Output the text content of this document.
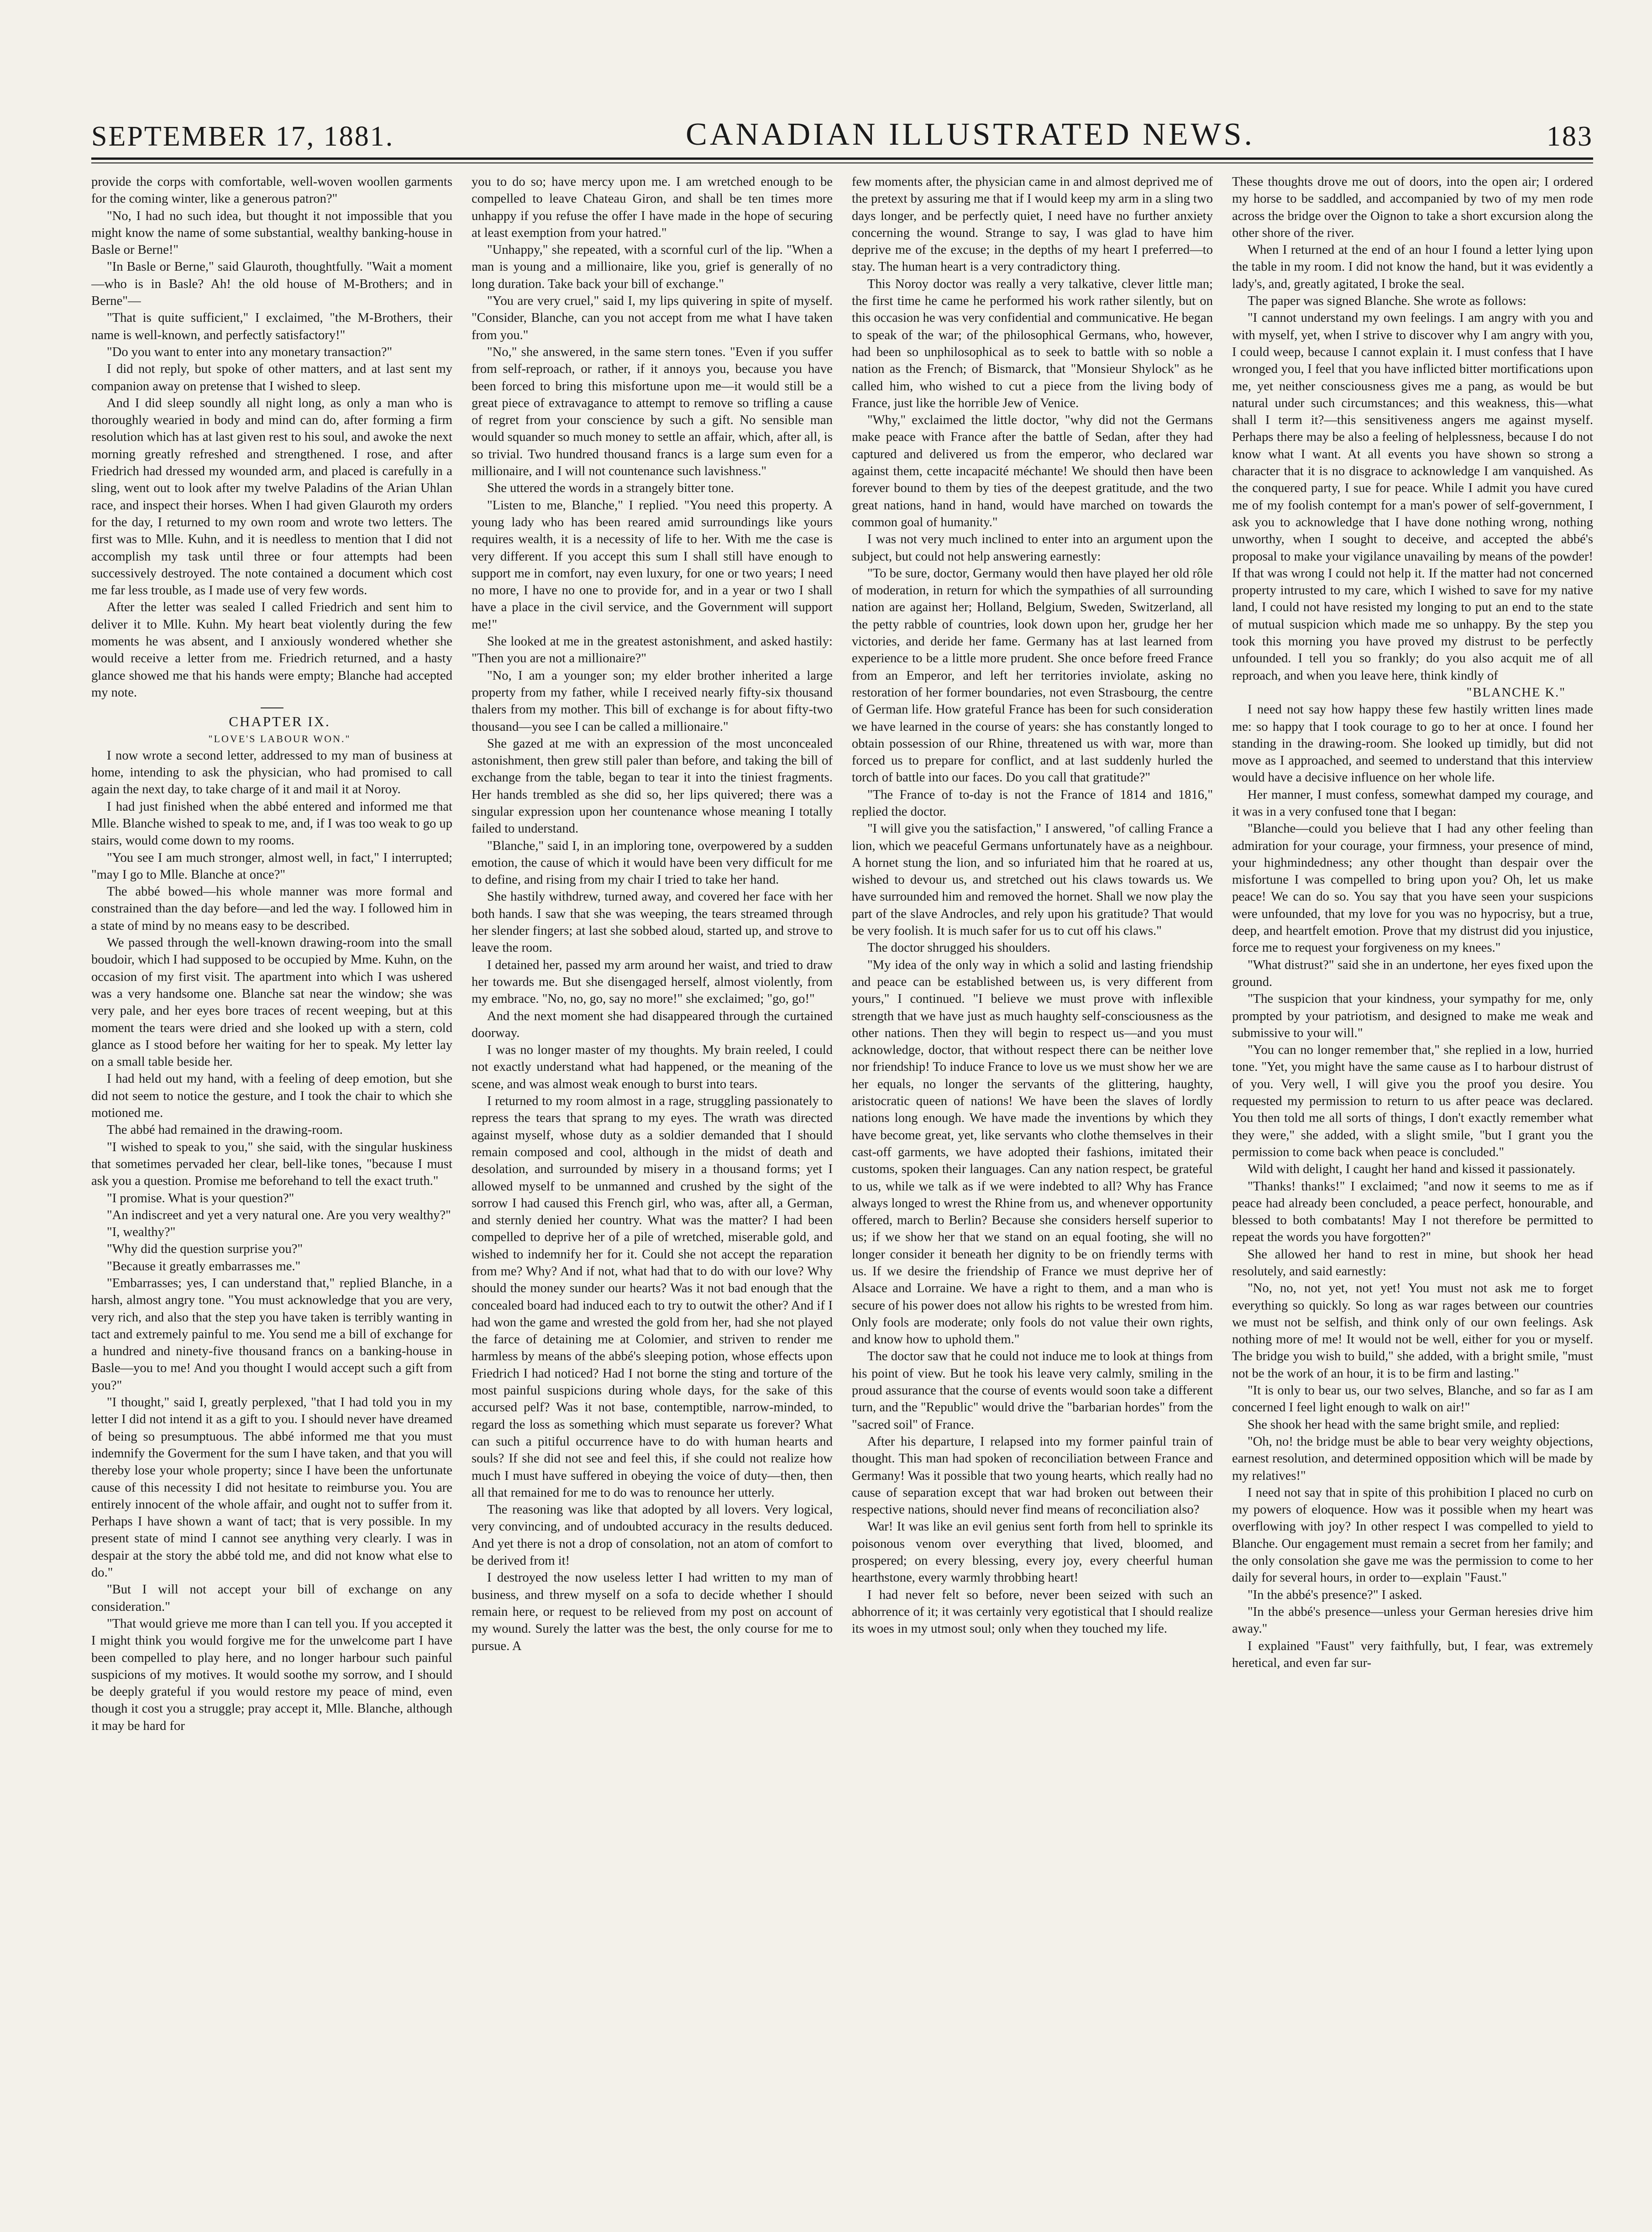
SEPTEMBER 17, 1881.	CANADIAN ILLUSTRATED NEWS.	183

provide the corps with comfortable, well-woven woollen garments for the coming winter, like a generous patron?"

"No, I had no such idea, but thought it not impossible that you might know the name of some substantial, wealthy banking-house in Basle or Berne!"

"In Basle or Berne," said Glauroth, thoughtfully. "Wait a moment—who is in Basle? Ah! the old house of M-Brothers; and in Berne"—

"That is quite sufficient," I exclaimed, "the M-Brothers, their name is well-known, and perfectly satisfactory!"

"Do you want to enter into any monetary transaction?"

I did not reply, but spoke of other matters, and at last sent my companion away on pretense that I wished to sleep.

And I did sleep soundly all night long, as only a man who is thoroughly wearied in body and mind can do, after forming a firm resolution which has at last given rest to his soul, and awoke the next morning greatly refreshed and strengthened. I rose, and after Friedrich had dressed my wounded arm, and placed is carefully in a sling, went out to look after my twelve Paladins of the Arian Uhlan race, and inspect their horses. When I had given Glauroth my orders for the day, I returned to my own room and wrote two letters. The first was to Mlle. Kuhn, and it is needless to mention that I did not accomplish my task until three or four attempts had been successively destroyed. The note contained a document which cost me far less trouble, as I made use of very few words.

After the letter was sealed I called Friedrich and sent him to deliver it to Mlle. Kuhn. My heart beat violently during the few moments he was absent, and I anxiously wondered whether she would receive a letter from me. Friedrich returned, and a hasty glance showed me that his hands were empty; Blanche had accepted my note.

CHAPTER IX.

"LOVE'S LABOUR WON."

I now wrote a second letter, addressed to my man of business at home, intending to ask the physician, who had promised to call again the next day, to take charge of it and mail it at Noroy.

I had just finished when the abbé entered and informed me that Mlle. Blanche wished to speak to me, and, if I was too weak to go up stairs, would come down to my rooms.

"You see I am much stronger, almost well, in fact," I interrupted; "may I go to Mlle. Blanche at once?"

The abbé bowed—his whole manner was more formal and constrained than the day before—and led the way. I followed him in a state of mind by no means easy to be described.

We passed through the well-known drawing-room into the small boudoir, which I had supposed to be occupied by Mme. Kuhn, on the occasion of my first visit. The apartment into which I was ushered was a very handsome one. Blanche sat near the window; she was very pale, and her eyes bore traces of recent weeping, but at this moment the tears were dried and she looked up with a stern, cold glance as I stood before her waiting for her to speak. My letter lay on a small table beside her.

I had held out my hand, with a feeling of deep emotion, but she did not seem to notice the gesture, and I took the chair to which she motioned me.

The abbé had remained in the drawing-room.

"I wished to speak to you," she said, with the singular huskiness that sometimes pervaded her clear, bell-like tones, "because I must ask you a question. Promise me beforehand to tell the exact truth."

"I promise. What is your question?"

"An indiscreet and yet a very natural one. Are you very wealthy?"

"I, wealthy?"

"Why did the question surprise you?"

"Because it greatly embarrasses me."

"Embarrasses; yes, I can understand that," replied Blanche, in a harsh, almost angry tone. "You must acknowledge that you are very, very rich, and also that the step you have taken is terribly wanting in tact and extremely painful to me. You send me a bill of exchange for a hundred and ninety-five thousand francs on a banking-house in Basle—you to me! And you thought I would accept such a gift from you?"

"I thought," said I, greatly perplexed, "that I had told you in my letter I did not intend it as a gift to you. I should never have dreamed of being so presumptuous. The abbé informed me that you must indemnify the Goverment for the sum I have taken, and that you will thereby lose your whole property; since I have been the unfortunate cause of this necessity I did not hesitate to reimburse you. You are entirely innocent of the whole affair, and ought not to suffer from it. Perhaps I have shown a want of tact; that is very possible. In my present state of mind I cannot see anything very clearly. I was in despair at the story the abbé told me, and did not know what else to do."

"But I will not accept your bill of exchange on any consideration."

"That would grieve me more than I can tell you. If you accepted it I might think you would forgive me for the unwelcome part I have been compelled to play here, and no longer harbour such painful suspicions of my motives. It would soothe my sorrow, and I should be deeply grateful if you would restore my peace of mind, even though it cost you a struggle; pray accept it, Mlle. Blanche, although it may be hard for

you to do so; have mercy upon me. I am wretched enough to be compelled to leave Chateau Giron, and shall be ten times more unhappy if you refuse the offer I have made in the hope of securing at least exemption from your hatred."

"Unhappy," she repeated, with a scornful curl of the lip. "When a man is young and a millionaire, like you, grief is generally of no long duration. Take back your bill of exchange."

"You are very cruel," said I, my lips quivering in spite of myself. "Consider, Blanche, can you not accept from me what I have taken from you."

"No," she answered, in the same stern tones. "Even if you suffer from self-reproach, or rather, if it annoys you, because you have been forced to bring this misfortune upon me—it would still be a great piece of extravagance to attempt to remove so trifling a cause of regret from your conscience by such a gift. No sensible man would squander so much money to settle an affair, which, after all, is so trivial. Two hundred thousand francs is a large sum even for a millionaire, and I will not countenance such lavishness."

She uttered the words in a strangely bitter tone.

"Listen to me, Blanche," I replied. "You need this property. A young lady who has been reared amid surroundings like yours requires wealth, it is a necessity of life to her. With me the case is very different. If you accept this sum I shall still have enough to support me in comfort, nay even luxury, for one or two years; I need no more, I have no one to provide for, and in a year or two I shall have a place in the civil service, and the Government will support me!"

She looked at me in the greatest astonishment, and asked hastily: "Then you are not a millionaire?"

"No, I am a younger son; my elder brother inherited a large property from my father, while I received nearly fifty-six thousand thalers from my mother. This bill of exchange is for about fifty-two thousand—you see I can be called a millionaire."

She gazed at me with an expression of the most unconcealed astonishment, then grew still paler than before, and taking the bill of exchange from the table, began to tear it into the tiniest fragments. Her hands trembled as she did so, her lips quivered; there was a singular expression upon her countenance whose meaning I totally failed to understand.

"Blanche," said I, in an imploring tone, overpowered by a sudden emotion, the cause of which it would have been very difficult for me to define, and rising from my chair I tried to take her hand.

She hastily withdrew, turned away, and covered her face with her both hands. I saw that she was weeping, the tears streamed through her slender fingers; at last she sobbed aloud, started up, and strove to leave the room.

I detained her, passed my arm around her waist, and tried to draw her towards me. But she disengaged herself, almost violently, from my embrace. "No, no, go, say no more!" she exclaimed; "go, go!"

And the next moment she had disappeared through the curtained doorway.

I was no longer master of my thoughts. My brain reeled, I could not exactly understand what had happened, or the meaning of the scene, and was almost weak enough to burst into tears.

I returned to my room almost in a rage, struggling passionately to repress the tears that sprang to my eyes. The wrath was directed against myself, whose duty as a soldier demanded that I should remain composed and cool, although in the midst of death and desolation, and surrounded by misery in a thousand forms; yet I allowed myself to be unmanned and crushed by the sight of the sorrow I had caused this French girl, who was, after all, a German, and sternly denied her country. What was the matter? I had been compelled to deprive her of a pile of wretched, miserable gold, and wished to indemnify her for it. Could she not accept the reparation from me? Why? And if not, what had that to do with our love? Why should the money sunder our hearts? Was it not bad enough that the concealed board had induced each to try to outwit the other? And if I had won the game and wrested the gold from her, had she not played the farce of detaining me at Colomier, and striven to render me harmless by means of the abbé's sleeping potion, whose effects upon Friedrich I had noticed? Had I not borne the sting and torture of the most painful suspicions during whole days, for the sake of this accursed pelf? Was it not base, contemptible, narrow-minded, to regard the loss as something which must separate us forever? What can such a pitiful occurrence have to do with human hearts and souls? If she did not see and feel this, if she could not realize how much I must have suffered in obeying the voice of duty—then, then all that remained for me to do was to renounce her utterly.

The reasoning was like that adopted by all lovers. Very logical, very convincing, and of undoubted accuracy in the results deduced. And yet there is not a drop of consolation, not an atom of comfort to be derived from it!

I destroyed the now useless letter I had written to my man of business, and threw myself on a sofa to decide whether I should remain here, or request to be relieved from my post on account of my wound. Surely the latter was the best, the only course for me to pursue. A

few moments after, the physician came in and almost deprived me of the pretext by assuring me that if I would keep my arm in a sling two days longer, and be perfectly quiet, I need have no further anxiety concerning the wound. Strange to say, I was glad to have him deprive me of the excuse; in the depths of my heart I preferred—to stay. The human heart is a very contradictory thing.

This Noroy doctor was really a very talkative, clever little man; the first time he came he performed his work rather silently, but on this occasion he was very confidential and communicative. He began to speak of the war; of the philosophical Germans, who, however, had been so unphilosophical as to seek to battle with so noble a nation as the French; of Bismarck, that "Monsieur Shylock" as he called him, who wished to cut a piece from the living body of France, just like the horrible Jew of Venice.

"Why," exclaimed the little doctor, "why did not the Germans make peace with France after the battle of Sedan, after they had captured and delivered us from the emperor, who declared war against them, cette incapacité méchante! We should then have been forever bound to them by ties of the deepest gratitude, and the two great nations, hand in hand, would have marched on towards the common goal of humanity."

I was not very much inclined to enter into an argument upon the subject, but could not help answering earnestly:

"To be sure, doctor, Germany would then have played her old rôle of moderation, in return for which the sympathies of all surrounding nation are against her; Holland, Belgium, Sweden, Switzerland, all the petty rabble of countries, look down upon her, grudge her her victories, and deride her fame. Germany has at last learned from experience to be a little more prudent. She once before freed France from an Emperor, and left her territories inviolate, asking no restoration of her former boundaries, not even Strasbourg, the centre of German life. How grateful France has been for such consideration we have learned in the course of years: she has constantly longed to obtain possession of our Rhine, threatened us with war, more than forced us to prepare for conflict, and at last suddenly hurled the torch of battle into our faces. Do you call that gratitude?"

"The France of to-day is not the France of 1814 and 1816," replied the doctor.

"I will give you the satisfaction," I answered, "of calling France a lion, which we peaceful Germans unfortunately have as a neighbour. A hornet stung the lion, and so infuriated him that he roared at us, wished to devour us, and stretched out his claws towards us. We have surrounded him and removed the hornet. Shall we now play the part of the slave Androcles, and rely upon his gratitude? That would be very foolish. It is much safer for us to cut off his claws."

The doctor shrugged his shoulders.

"My idea of the only way in which a solid and lasting friendship and peace can be established between us, is very different from yours," I continued. "I believe we must prove with inflexible strength that we have just as much haughty self-consciousness as the other nations. Then they will begin to respect us—and you must acknowledge, doctor, that without respect there can be neither love nor friendship! To induce France to love us we must show her we are her equals, no longer the servants of the glittering, haughty, aristocratic queen of nations! We have been the slaves of lordly nations long enough. We have made the inventions by which they have become great, yet, like servants who clothe themselves in their cast-off garments, we have adopted their fashions, imitated their customs, spoken their languages. Can any nation respect, be grateful to us, while we talk as if we were indebted to all? Why has France always longed to wrest the Rhine from us, and whenever opportunity offered, march to Berlin? Because she considers herself superior to us; if we show her that we stand on an equal footing, she will no longer consider it beneath her dignity to be on friendly terms with us. If we desire the friendship of France we must deprive her of Alsace and Lorraine. We have a right to them, and a man who is secure of his power does not allow his rights to be wrested from him. Only fools are moderate; only fools do not value their own rights, and know how to uphold them."

The doctor saw that he could not induce me to look at things from his point of view. But he took his leave very calmly, smiling in the proud assurance that the course of events would soon take a different turn, and the "Republic" would drive the "barbarian hordes" from the "sacred soil" of France.

After his departure, I relapsed into my former painful train of thought. This man had spoken of reconciliation between France and Germany! Was it possible that two young hearts, which really had no cause of separation except that war had broken out between their respective nations, should never find means of reconciliation also?

War! It was like an evil genius sent forth from hell to sprinkle its poisonous venom over everything that lived, bloomed, and prospered; on every blessing, every joy, every cheerful human hearthstone, every warmly throbbing heart!

I had never felt so before, never been seized with such an abhorrence of it; it was certainly very egotistical that I should realize its woes in my utmost soul; only when they touched my life.

These thoughts drove me out of doors, into the open air; I ordered my horse to be saddled, and accompanied by two of my men rode across the bridge over the Oignon to take a short excursion along the other shore of the river.

When I returned at the end of an hour I found a letter lying upon the table in my room. I did not know the hand, but it was evidently a lady's, and, greatly agitated, I broke the seal.

The paper was signed Blanche. She wrote as follows:

"I cannot understand my own feelings. I am angry with you and with myself, yet, when I strive to discover why I am angry with you, I could weep, because I cannot explain it. I must confess that I have wronged you, I feel that you have inflicted bitter mortifications upon me, yet neither consciousness gives me a pang, as would be but natural under such circumstances; and this weakness, this—what shall I term it?—this sensitiveness angers me against myself. Perhaps there may be also a feeling of helplessness, because I do not know what I want. At all events you have shown so strong a character that it is no disgrace to acknowledge I am vanquished. As the conquered party, I sue for peace. While I admit you have cured me of my foolish contempt for a man's power of self-government, I ask you to acknowledge that I have done nothing wrong, nothing unworthy, when I sought to deceive, and accepted the abbé's proposal to make your vigilance unavailing by means of the powder! If that was wrong I could not help it. If the matter had not concerned property intrusted to my care, which I wished to save for my native land, I could not have resisted my longing to put an end to the state of mutual suspicion which made me so unhappy. By the step you took this morning you have proved my distrust to be perfectly unfounded. I tell you so frankly; do you also acquit me of all reproach, and when you leave here, think kindly of

"BLANCHE K."

I need not say how happy these few hastily written lines made me: so happy that I took courage to go to her at once. I found her standing in the drawing-room. She looked up timidly, but did not move as I approached, and seemed to understand that this interview would have a decisive influence on her whole life.

Her manner, I must confess, somewhat damped my courage, and it was in a very confused tone that I began:

"Blanche—could you believe that I had any other feeling than admiration for your courage, your firmness, your presence of mind, your highmindedness; any other thought than despair over the misfortune I was compelled to bring upon you? Oh, let us make peace! We can do so. You say that you have seen your suspicions were unfounded, that my love for you was no hypocrisy, but a true, deep, and heartfelt emotion. Prove that my distrust did you injustice, force me to request your forgiveness on my knees."

"What distrust?" said she in an undertone, her eyes fixed upon the ground.

"The suspicion that your kindness, your sympathy for me, only prompted by your patriotism, and designed to make me weak and submissive to your will."

"You can no longer remember that," she replied in a low, hurried tone. "Yet, you might have the same cause as I to harbour distrust of of you. Very well, I will give you the proof you desire. You requested my permission to return to us after peace was declared. You then told me all sorts of things, I don't exactly remember what they were," she added, with a slight smile, "but I grant you the permission to come back when peace is concluded."

Wild with delight, I caught her hand and kissed it passionately.

"Thanks! thanks!" I exclaimed; "and now it seems to me as if peace had already been concluded, a peace perfect, honourable, and blessed to both combatants! May I not therefore be permitted to repeat the words you have forgotten?"

She allowed her hand to rest in mine, but shook her head resolutely, and said earnestly:

"No, no, not yet, not yet! You must not ask me to forget everything so quickly. So long as war rages between our countries we must not be selfish, and think only of our own feelings. Ask nothing more of me! It would not be well, either for you or myself. The bridge you wish to build," she added, with a bright smile, "must not be the work of an hour, it is to be firm and lasting."

"It is only to bear us, our two selves, Blanche, and so far as I am concerned I feel light enough to walk on air!"

She shook her head with the same bright smile, and replied:

"Oh, no! the bridge must be able to bear very weighty objections, earnest resolution, and determined opposition which will be made by my relatives!"

I need not say that in spite of this prohibition I placed no curb on my powers of eloquence. How was it possible when my heart was overflowing with joy? In other respect I was compelled to yield to Blanche. Our engagement must remain a secret from her family; and the only consolation she gave me was the permission to come to her daily for several hours, in order to—explain "Faust."

"In the abbé's presence?" I asked.

"In the abbé's presence—unless your German heresies drive him away."

I explained "Faust" very faithfully, but, I fear, was extremely heretical, and even far sur-
